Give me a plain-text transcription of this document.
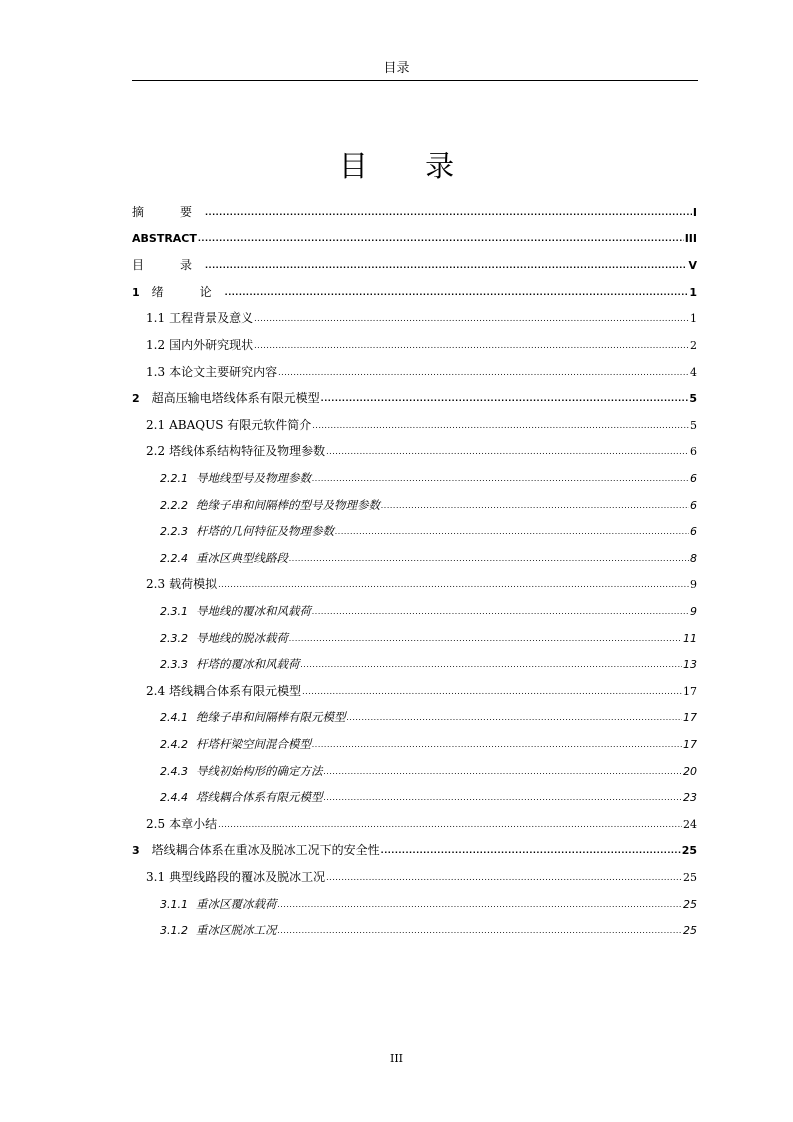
目录
目 录
摘　要 .....	I
ABSTRACT .....	III
目　录 .....	V
1 绪　论 .....	1
1.1 工程背景及意义 .....	1
1.2 国内外研究现状 .....	2
1.3 本论文主要研究内容 .....	4
2 超高压输电塔线体系有限元模型 .....	5
2.1 ABAQUS 有限元软件简介 .....	5
2.2 塔线体系结构特征及物理参数 .....	6
2.2.1 导地线型号及物理参数 .....	6
2.2.2 绝缘子串和间隔棒的型号及物理参数 .....	6
2.2.3 杆塔的几何特征及物理参数 .....	6
2.2.4 重冰区典型线路段 .....	8
2.3 载荷模拟 .....	9
2.3.1 导地线的覆冰和风载荷 .....	9
2.3.2 导地线的脱冰载荷 .....	11
2.3.3 杆塔的覆冰和风载荷 .....	13
2.4 塔线耦合体系有限元模型 .....	17
2.4.1 绝缘子串和间隔棒有限元模型 .....	17
2.4.2 杆塔杆梁空间混合模型 .....	17
2.4.3 导线初始构形的确定方法 .....	20
2.4.4 塔线耦合体系有限元模型 .....	23
2.5 本章小结 .....	24
3 塔线耦合体系在重冰及脱冰工况下的安全性 .....	25
3.1 典型线路段的覆冰及脱冰工况 .....	25
3.1.1 重冰区覆冰载荷 .....	25
3.1.2 重冰区脱冰工况 .....	25
III
